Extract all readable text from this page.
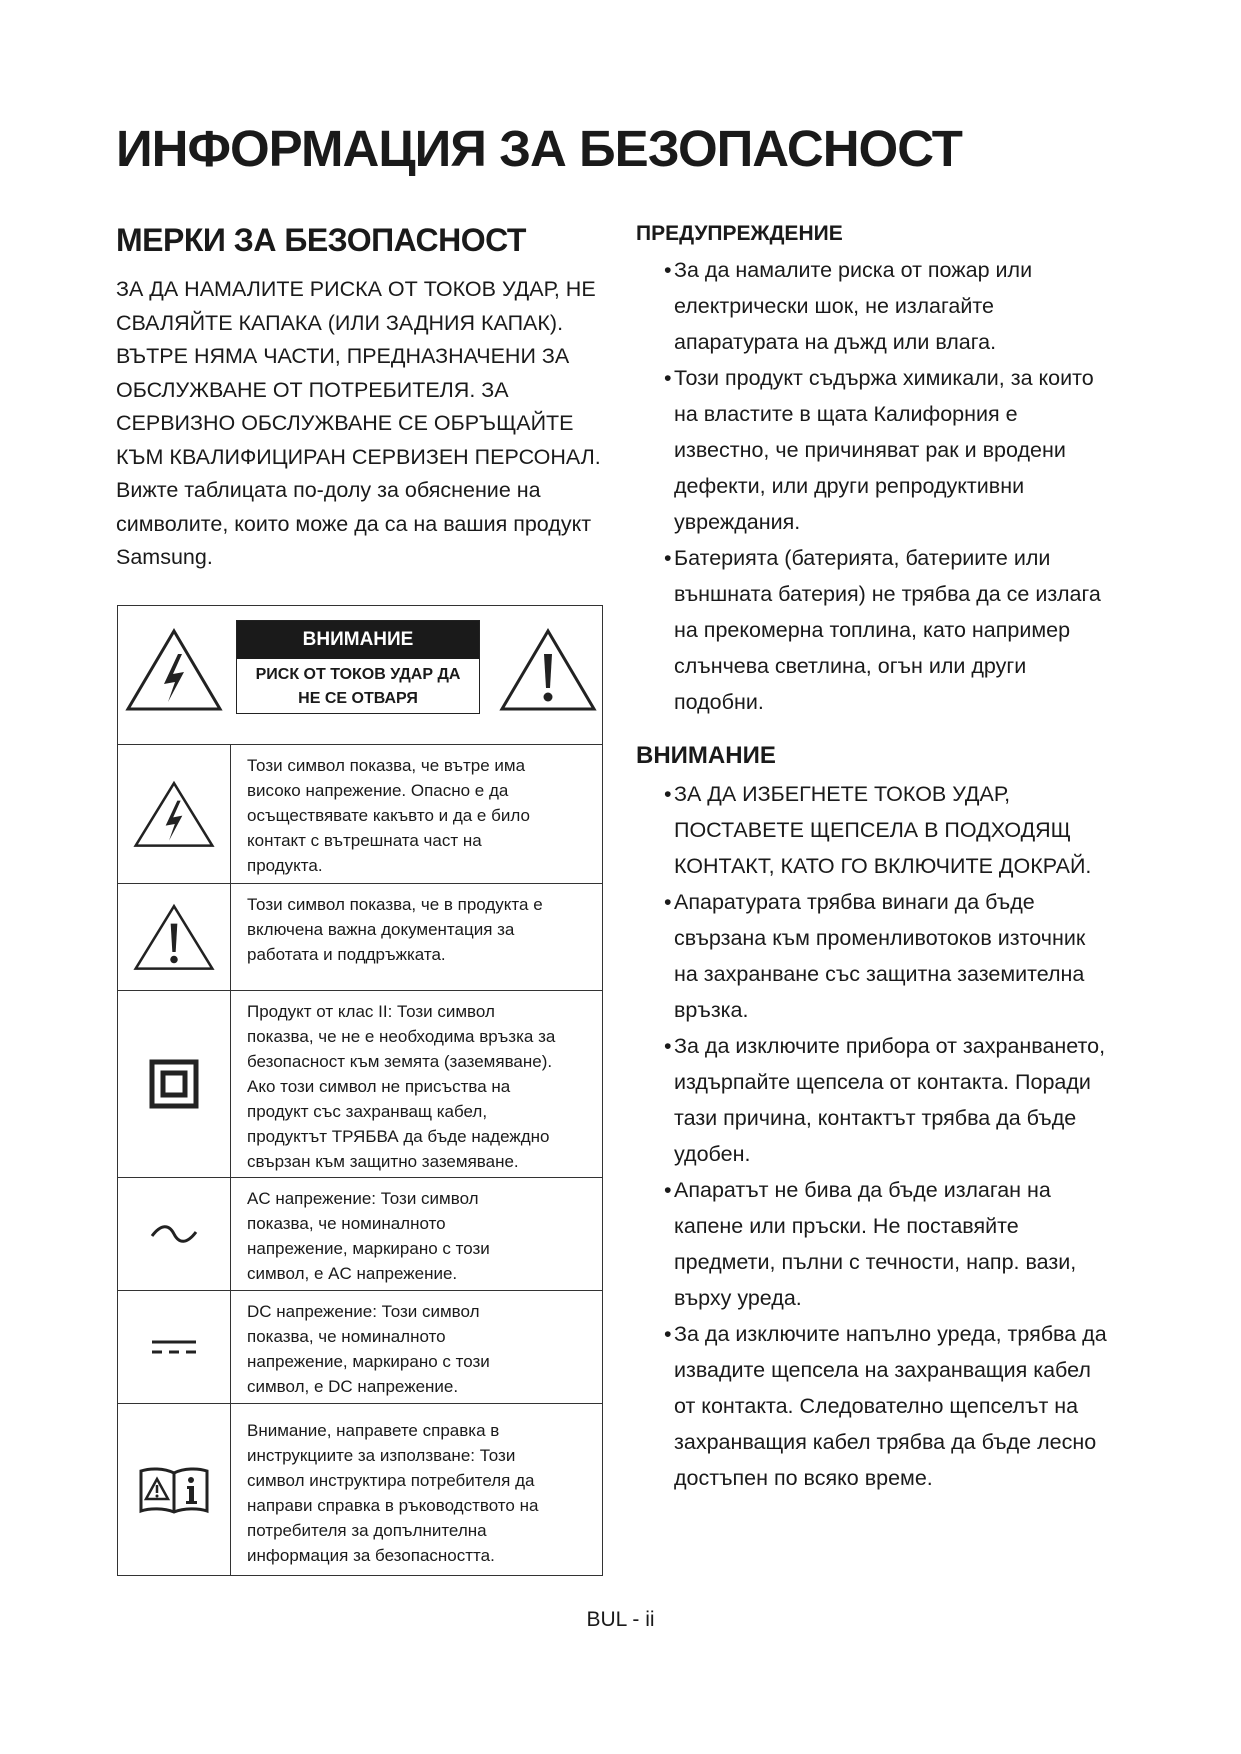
ИНФОРМАЦИЯ ЗА БЕЗОПАСНОСТ
МЕРКИ ЗА БЕЗОПАСНОСТ

ЗА ДА НАМАЛИТЕ РИСКА ОТ ТОКОВ УДАР, НЕ
СВАЛЯЙТЕ КАПАКА (ИЛИ ЗАДНИЯ КАПАК).
ВЪТРЕ НЯМА ЧАСТИ, ПРЕДНАЗНАЧЕНИ ЗА
ОБСЛУЖВАНЕ ОТ ПОТРЕБИТЕЛЯ. ЗА
СЕРВИЗНО ОБСЛУЖВАНЕ СЕ ОБРЪЩАЙТЕ
КЪМ КВАЛИФИЦИРАН СЕРВИЗЕН ПЕРСОНАЛ.
Вижте таблицата по-долу за обяснение на
символите, които може да са на вашия продукт
Samsung.

ВНИМАНИЕ
РИСК ОТ ТОКОВ УДАР ДА
НЕ СЕ ОТВАРЯ
Този символ показва, че вътре има
високо напрежение. Опасно е да
осъществявате какъвто и да е било
контакт с вътрешната част на
продукта.
Този символ показва, че в продукта е
включена важна документация за
работата и поддръжката.
Продукт от клас II: Този символ
показва, че не е необходима връзка за
безопасност към земята (заземяване).
Ако този символ не присъства на
продукт със захранващ кабел,
продуктът ТРЯБВА да бъде надеждно
свързан към защитно заземяване.
AC напрежение: Този символ
показва, че номиналното
напрежение, маркирано с този
символ, е AC напрежение.
DC напрежение: Този символ
показва, че номиналното
напрежение, маркирано с този
символ, е DC напрежение.
Внимание, направете справка в
инструкциите за използване: Този
символ инструктира потребителя да
направи справка в ръководството на
потребителя за допълнителна
информация за безопасността.
ПРЕДУПРЕЖДЕНИЕ
• За да намалите риска от пожар или
електрически шок, не излагайте
апаратурата на дъжд или влага.
• Този продукт съдържа химикали, за които
на властите в щата Калифорния е
известно, че причиняват рак и вродени
дефекти, или други репродуктивни
увреждания.
• Батерията (батерията, батериите или
външната батерия) не трябва да се излага
на прекомерна топлина, като например
слънчева светлина, огън или други
подобни.
ВНИМАНИЕ
• ЗА ДА ИЗБЕГНЕТЕ ТОКОВ УДАР,
ПОСТАВЕТЕ ЩЕПСЕЛА В ПОДХОДЯЩ
КОНТАКТ, КАТО ГО ВКЛЮЧИТЕ ДОКРАЙ.
• Апаратурата трябва винаги да бъде
свързана към променливотоков източник
на захранване със защитна заземителна
връзка.
• За да изключите прибора от захранването,
издърпайте щепсела от контакта. Поради
тази причина, контактът трябва да бъде
удобен.
• Апаратът не бива да бъде излаган на
капене или пръски. Не поставяйте
предмети, пълни с течности, напр. вази,
върху уреда.
• За да изключите напълно уреда, трябва да
извадите щепсела на захранващия кабел
от контакта. Следователно щепселът на
захранващия кабел трябва да бъде лесно
достъпен по всяко време.
BUL - ii
